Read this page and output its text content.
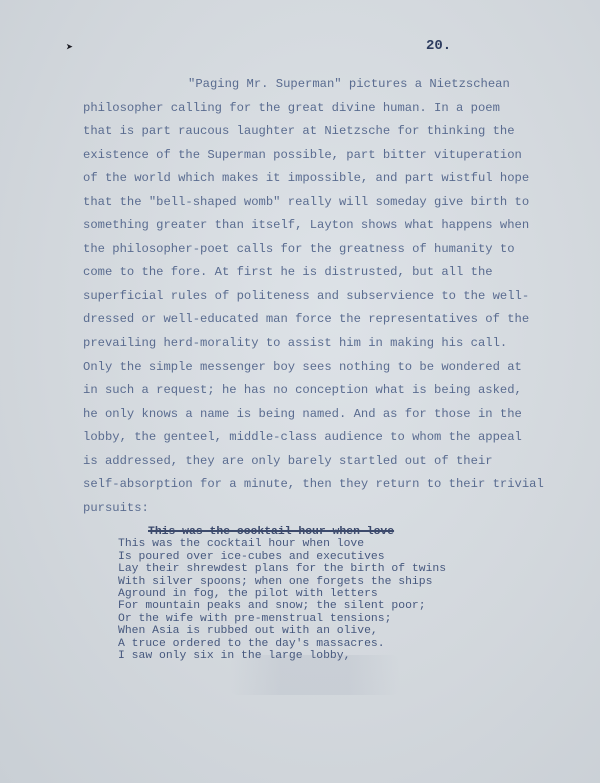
➤	20.
"Paging Mr. Superman" pictures a Nietzschean
philosopher calling for the great divine human. In a poem
that is part raucous laughter at Nietzsche for thinking the
existence of the Superman possible, part bitter vituperation
of the world which makes it impossible, and part wistful hope
that the "bell-shaped womb" really will someday give birth to
something greater than itself, Layton shows what happens when
the philosopher-poet calls for the greatness of humanity to
come to the fore. At first he is distrusted, but all the
superficial rules of politeness and subservience to the well-
dressed or well-educated man force the representatives of the
prevailing herd-morality to assist him in making his call.
Only the simple messenger boy sees nothing to be wondered at
in such a request; he has no conception what is being asked,
he only knows a name is being named. And as for those in the
lobby, the genteel, middle-class audience to whom the appeal
is addressed, they are only barely startled out of their
self-absorption for a minute, then they return to their trivial
pursuits:
This was the cocktail hour when love
This was the cocktail hour when love
Is poured over ice-cubes and executives
Lay their shrewdest plans for the birth of twins
With silver spoons; when one forgets the ships
Aground in fog, the pilot with letters
For mountain peaks and snow; the silent poor;
Or the wife with pre-menstrual tensions;
When Asia is rubbed out with an olive,
A truce ordered to the day's massacres.
I saw only six in the large lobby,
